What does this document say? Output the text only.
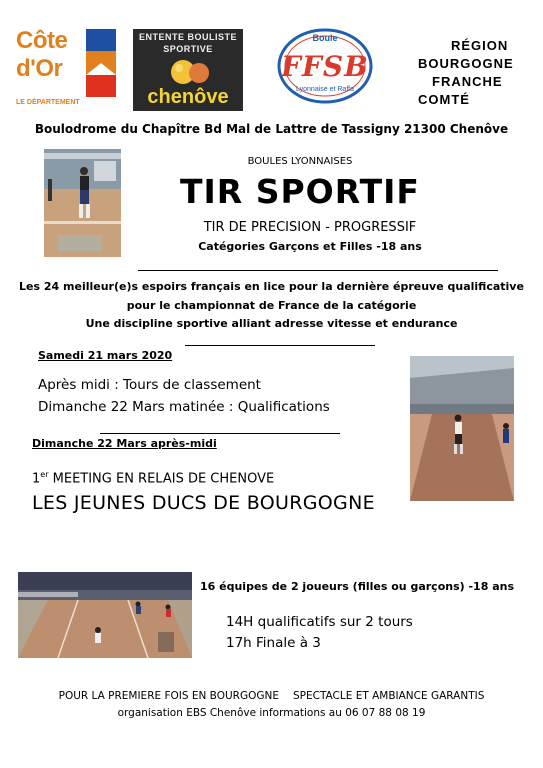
Côte
d'Or
LE DÉPARTEMENT
ENTENTE BOULISTE
SPORTIVE
chenôve
Boule
FFSB
Lyonnaise et Raffa
RÉGION
BOURGOGNE
FRANCHE
COMTÉ
Boulodrome du Chapître Bd Mal de Lattre de Tassigny 21300 Chenôve
BOULES LYONNAISES
TIR SPORTIF
TIR DE PRECISION - PROGRESSIF
Catégories Garçons et Filles -18 ans
Les 24 meilleur(e)s espoirs français en lice pour la dernière épreuve qualificative
pour le championnat de France de la catégorie
Une discipline sportive alliant adresse vitesse et endurance
Samedi 21 mars 2020
Après midi : Tours de classement
Dimanche 22 Mars matinée : Qualifications
Dimanche 22 Mars après-midi
1er MEETING EN RELAIS DE CHENOVE
LES JEUNES DUCS DE BOURGOGNE
16 équipes de 2 joueurs (filles ou garçons) -18 ans
14H qualificatifs sur 2 tours
17h Finale à 3
POUR LA PREMIERE FOIS EN BOURGOGNE SPECTACLE ET AMBIANCE GARANTIS
organisation EBS Chenôve informations au 06 07 88 08 19
